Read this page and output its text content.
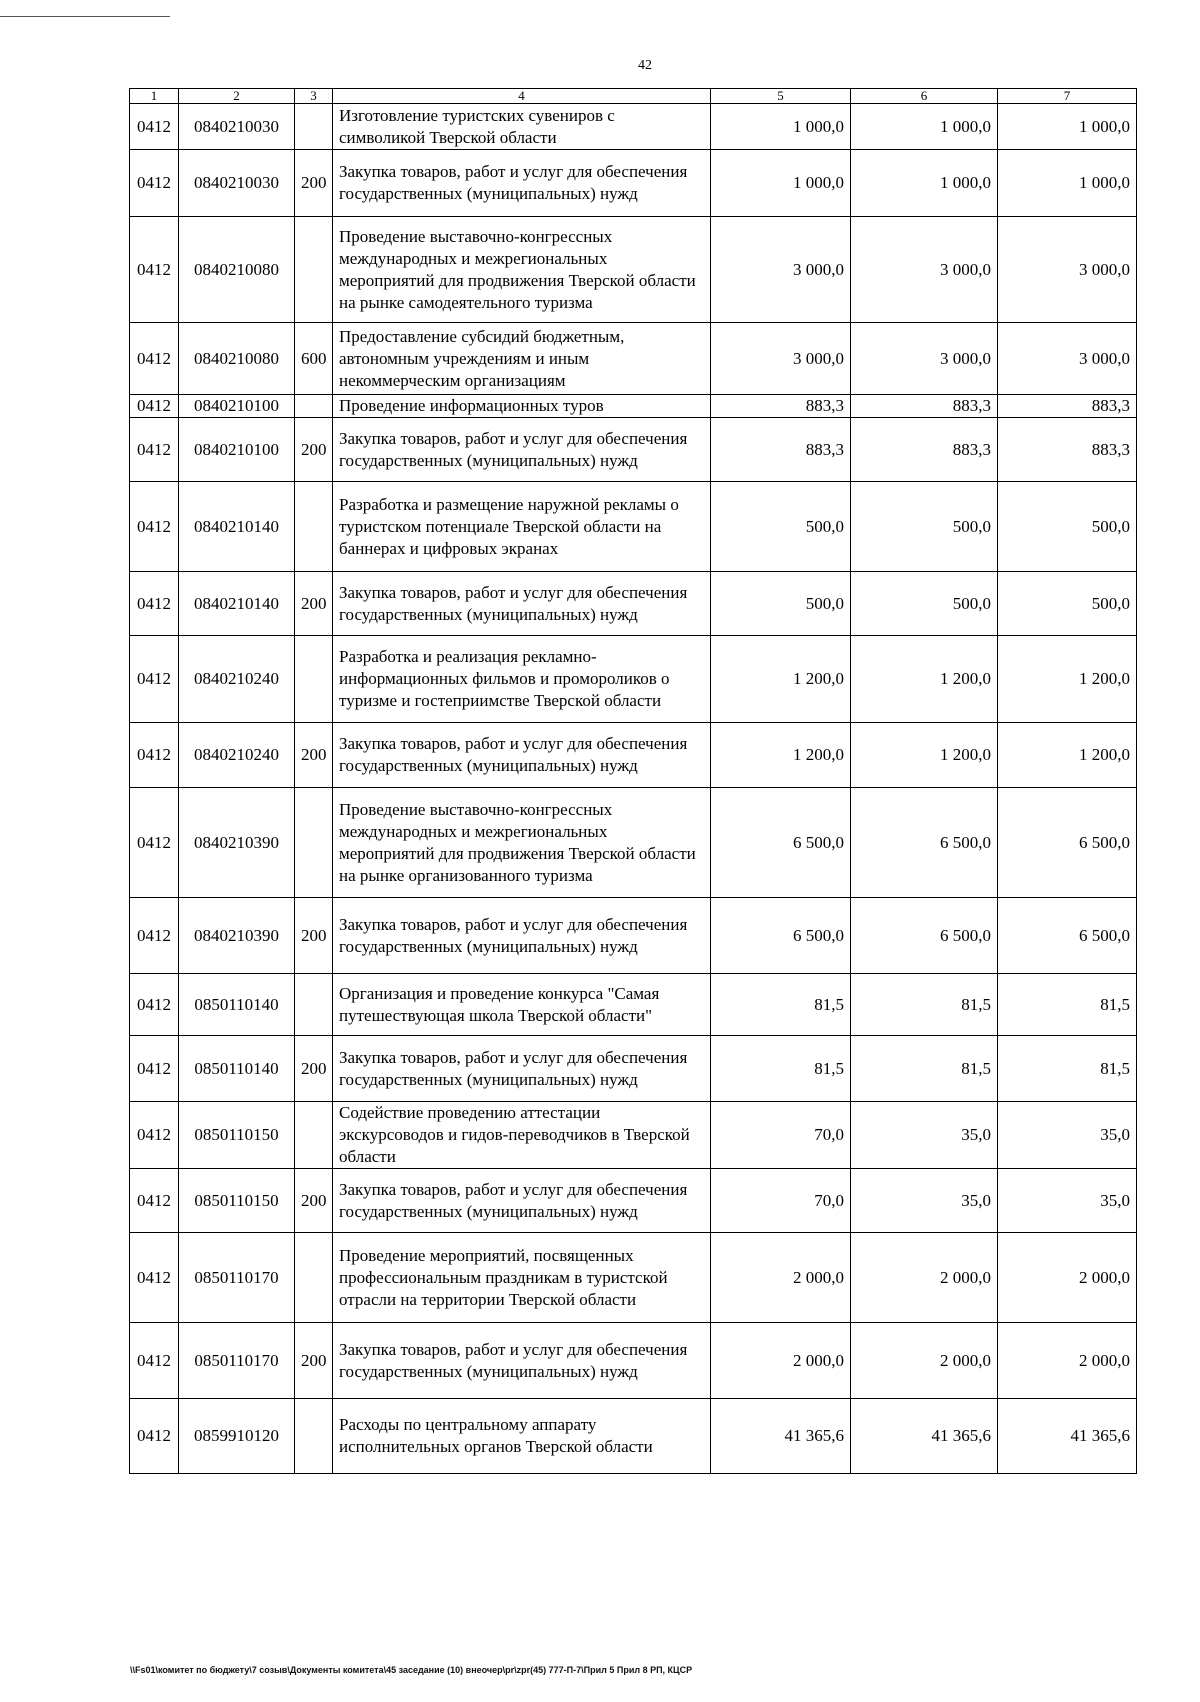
42
1	2	3	4	5	6	7
0412	0840210030		Изготовление туристских сувениров с символикой Тверской области	1 000,0	1 000,0	1 000,0
0412	0840210030	200	Закупка товаров, работ и услуг для обеспечения государственных (муниципальных) нужд	1 000,0	1 000,0	1 000,0
0412	0840210080		Проведение выставочно-конгрессных международных и межрегиональных мероприятий для продвижения Тверской области на рынке самодеятельного туризма	3 000,0	3 000,0	3 000,0
0412	0840210080	600	Предоставление субсидий бюджетным, автономным учреждениям и иным некоммерческим организациям	3 000,0	3 000,0	3 000,0
0412	0840210100		Проведение информационных туров	883,3	883,3	883,3
0412	0840210100	200	Закупка товаров, работ и услуг для обеспечения государственных (муниципальных) нужд	883,3	883,3	883,3
0412	0840210140		Разработка и размещение наружной рекламы о туристском потенциале Тверской области на баннерах и цифровых экранах	500,0	500,0	500,0
0412	0840210140	200	Закупка товаров, работ и услуг для обеспечения государственных (муниципальных) нужд	500,0	500,0	500,0
0412	0840210240		Разработка и реализация рекламно-информационных фильмов и промороликов о туризме и гостеприимстве Тверской области	1 200,0	1 200,0	1 200,0
0412	0840210240	200	Закупка товаров, работ и услуг для обеспечения государственных (муниципальных) нужд	1 200,0	1 200,0	1 200,0
0412	0840210390		Проведение выставочно-конгрессных международных и межрегиональных мероприятий для продвижения Тверской области на рынке организованного туризма	6 500,0	6 500,0	6 500,0
0412	0840210390	200	Закупка товаров, работ и услуг для обеспечения государственных (муниципальных) нужд	6 500,0	6 500,0	6 500,0
0412	0850110140		Организация и проведение конкурса "Самая путешествующая школа Тверской области"	81,5	81,5	81,5
0412	0850110140	200	Закупка товаров, работ и услуг для обеспечения государственных (муниципальных) нужд	81,5	81,5	81,5
0412	0850110150		Содействие проведению аттестации экскурсоводов и гидов-переводчиков в Тверской области	70,0	35,0	35,0
0412	0850110150	200	Закупка товаров, работ и услуг для обеспечения государственных (муниципальных) нужд	70,0	35,0	35,0
0412	0850110170		Проведение мероприятий, посвященных профессиональным праздникам в туристской отрасли на территории Тверской области	2 000,0	2 000,0	2 000,0
0412	0850110170	200	Закупка товаров, работ и услуг для обеспечения государственных (муниципальных) нужд	2 000,0	2 000,0	2 000,0
0412	0859910120		Расходы по центральному аппарату исполнительных органов Тверской области	41 365,6	41 365,6	41 365,6
\\Fs01\комитет по бюджету\7 созыв\Документы комитета\45 заседание (10) внеочер\pr\zpr(45) 777-П-7\Прил 5 Прил 8 РП, КЦСР
